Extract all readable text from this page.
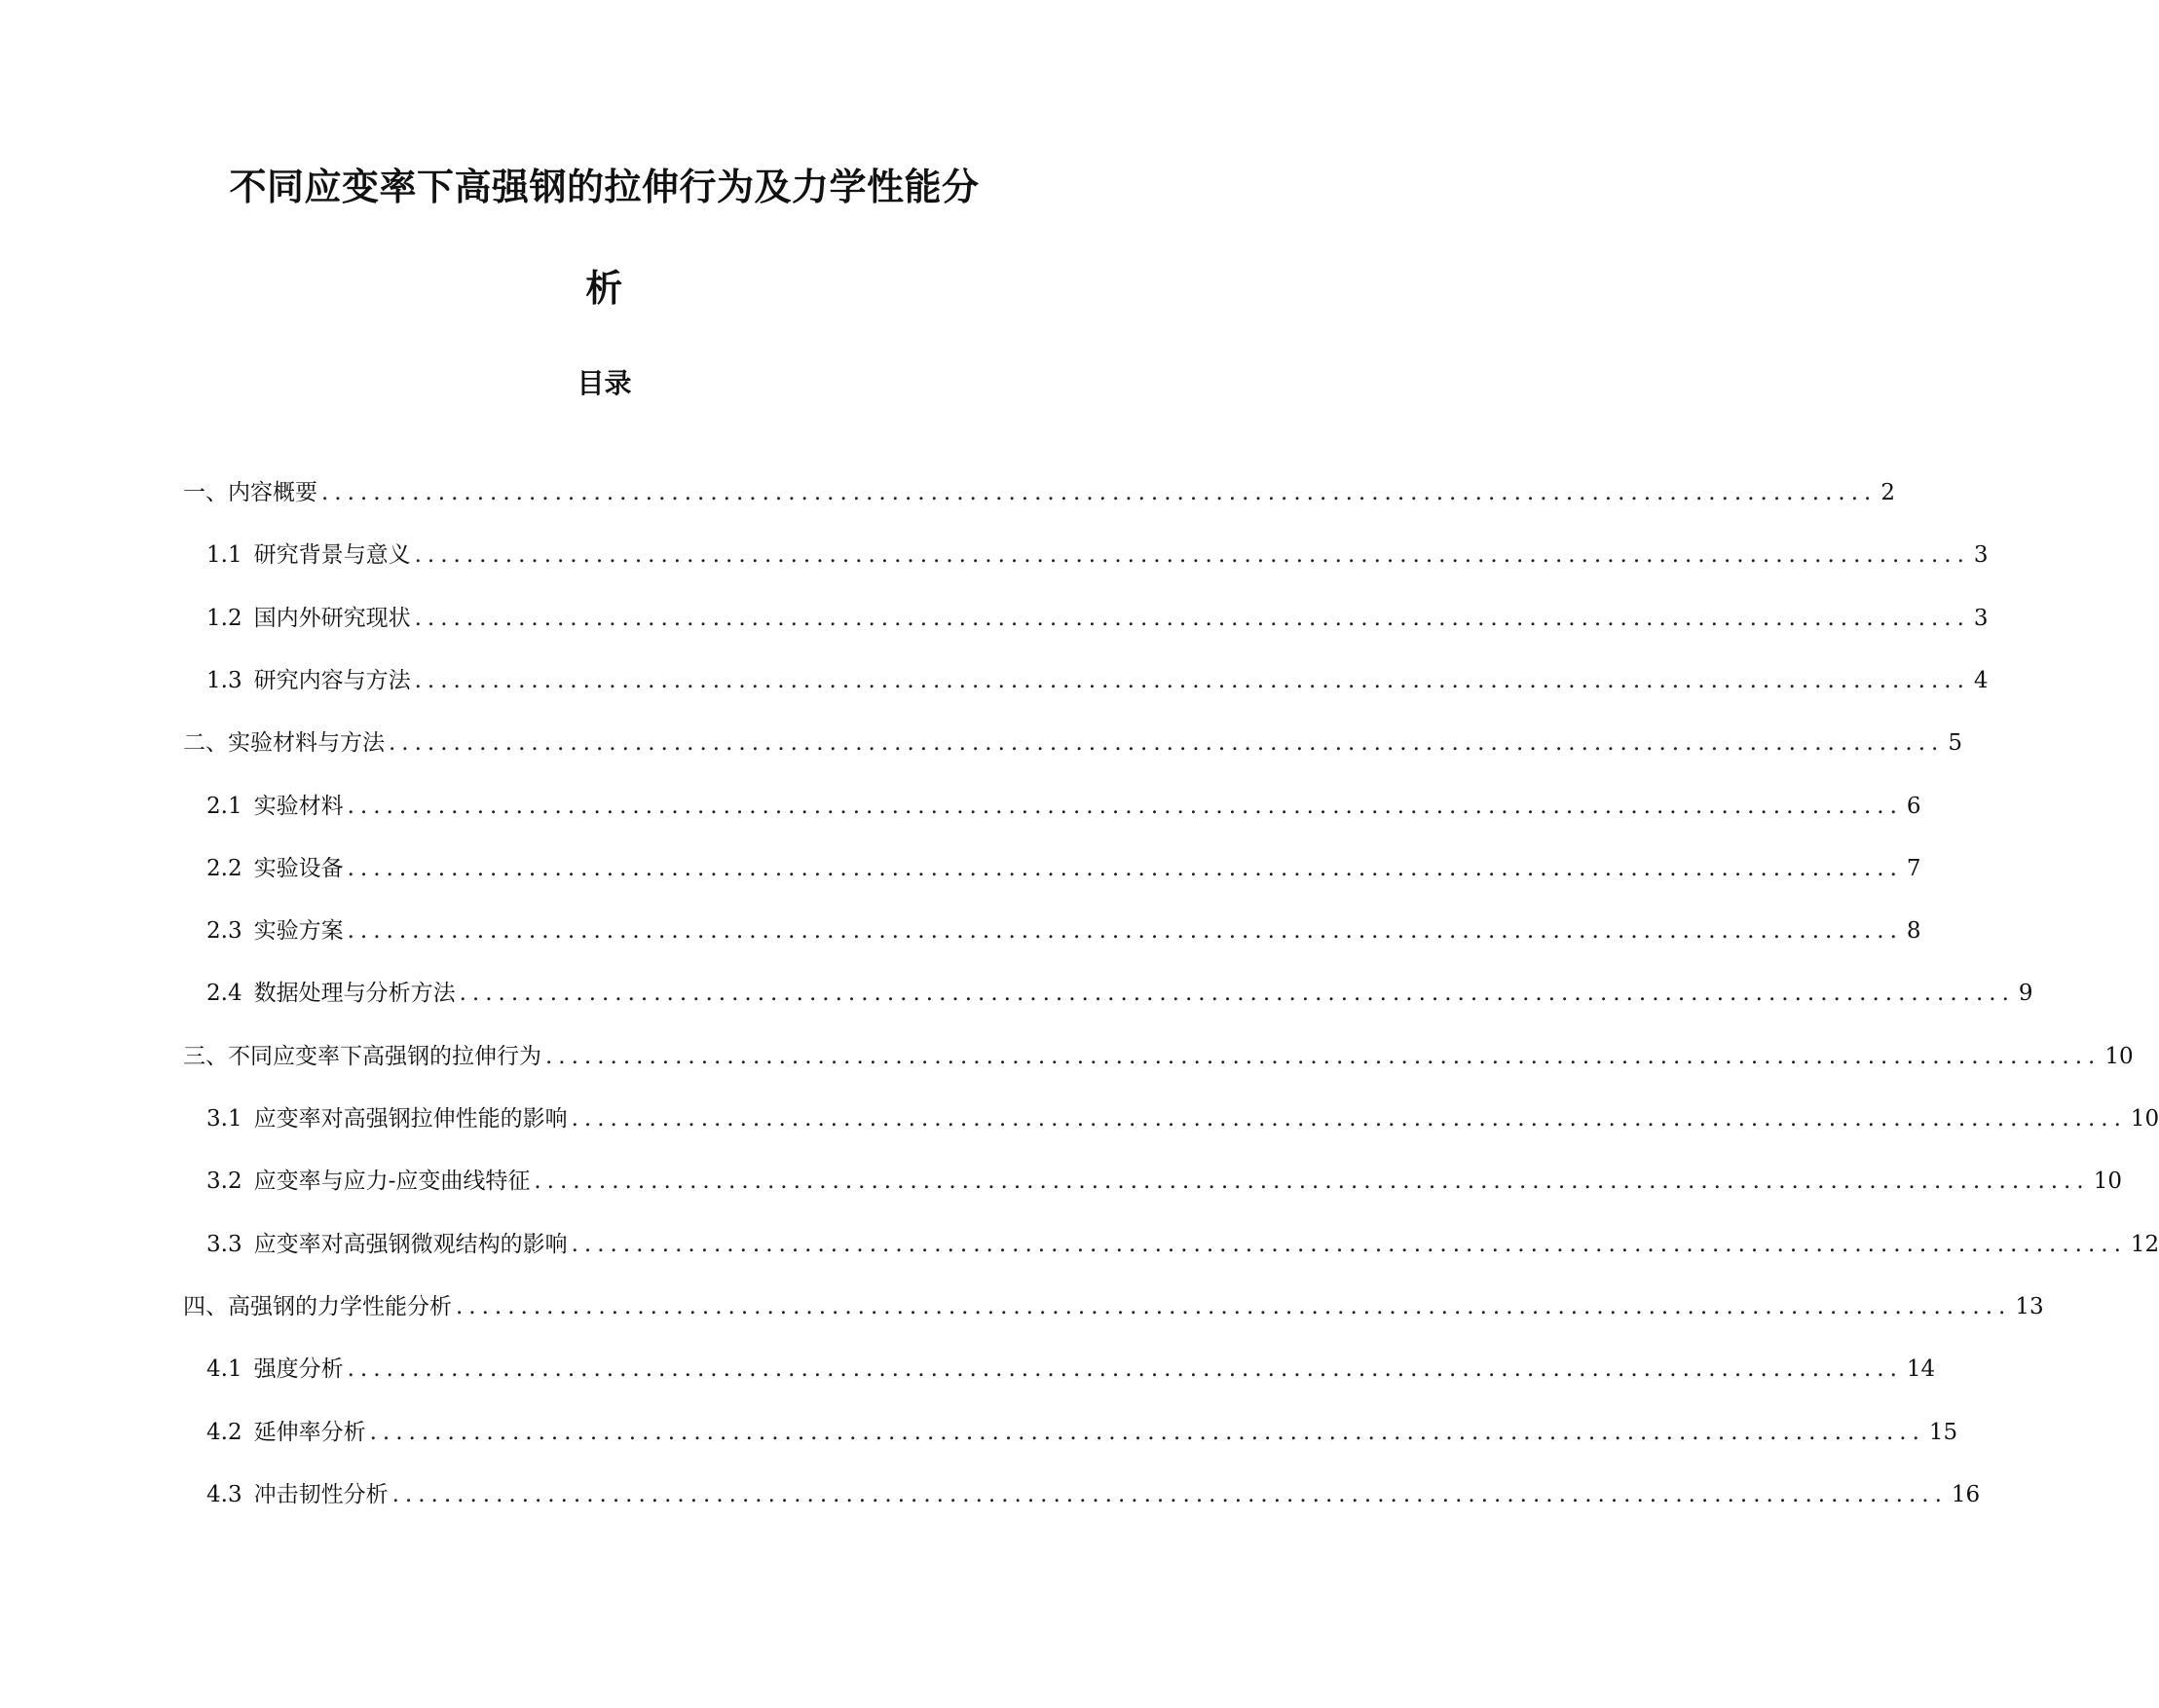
不同应变率下高强钢的拉伸行为及力学性能分
析
目录
一、内容概要 ........................................................................................................................ 2
1.1 研究背景与意义 ........................................................................................................................ 3
1.2 国内外研究现状 ........................................................................................................................ 3
1.3 研究内容与方法 ........................................................................................................................ 4
二、实验材料与方法 ........................................................................................................................ 5
2.1 实验材料 ........................................................................................................................ 6
2.2 实验设备 ........................................................................................................................ 7
2.3 实验方案 ........................................................................................................................ 8
2.4 数据处理与分析方法 ........................................................................................................................ 9
三、不同应变率下高强钢的拉伸行为 ........................................................................................................................ 10
3.1 应变率对高强钢拉伸性能的影响 ........................................................................................................................ 10
3.2 应变率与应力-应变曲线特征 ........................................................................................................................ 10
3.3 应变率对高强钢微观结构的影响 ........................................................................................................................ 12
四、高强钢的力学性能分析 ........................................................................................................................ 13
4.1 强度分析 ........................................................................................................................ 14
4.2 延伸率分析 ........................................................................................................................ 15
4.3 冲击韧性分析 ........................................................................................................................ 16
